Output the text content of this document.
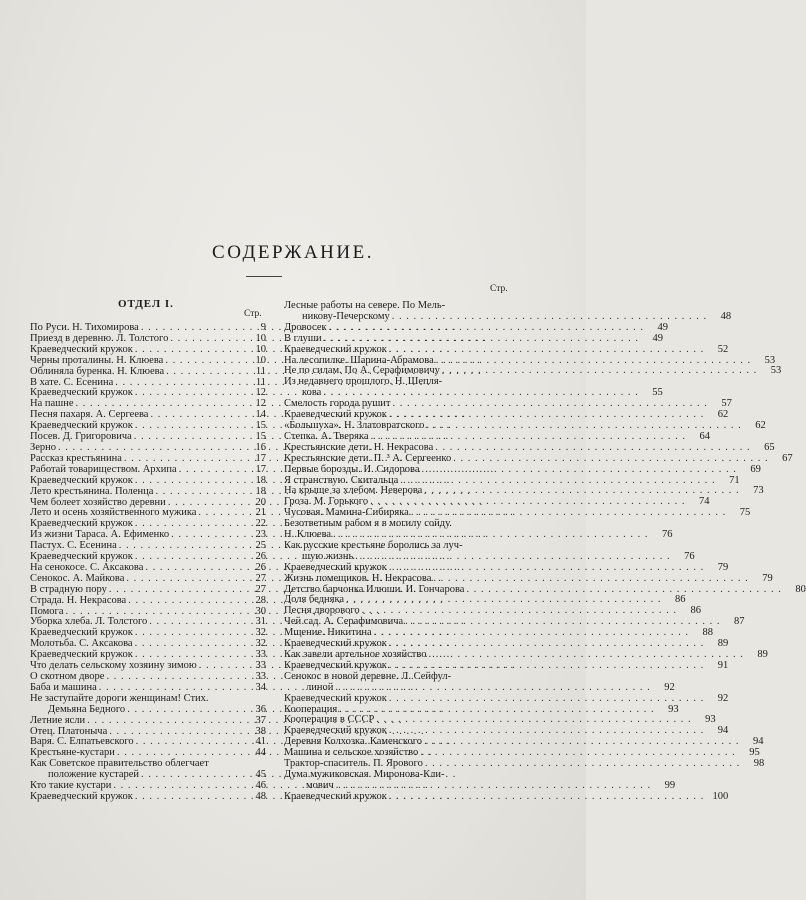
СОДЕРЖАНИЕ.
ОТДЕЛ I.
Стр.
Стр.
По Руси. Н. Тихомирова . . .	9
Приезд в деревню. Л. Толстого . . .	10
Краеведческий кружок . . .	10
Черны проталины. Н. Клюева . . .	10
Облиняла буренка. Н. Клюева . . .	11
В хате. С. Есенина . . .	11
Краеведческий кружок . . .	12
На пашне . . .	12
Песня пахаря. А. Сергеева . . .	14
Краеведческий кружок . . .	15
Посев. Д. Григоровича . . .	15
Зерно . . .	16
Рассказ крестьянина . . .	17
Работай товариществом. Архипа . . .	17
Краеведческий кружок . . .	18
Лето крестьянина. Поленца . . .	18
Чем болеет хозяйство деревни . . .	20
Лето и осень хозяйственного мужика . . .	21
Краеведческий кружок . . .	22
Из жизни Тараса. А. Ефименко . . .	23
Пастух. С. Есенина . . .	25
Краеведческий кружок . . .	26
На сенокосе. С. Аксакова . . .	26
Сенокос. А. Майкова . . .	27
В страдную пору . . .	27
Страда. Н. Некрасова . . .	28
Помога . . .	30
Уборка хлеба. Л. Толстого . . .	31
Краеведческий кружок . . .	32
Молотьба. С. Аксакова . . .	32
Краеведческий кружок . . .	33
Что делать сельскому хозяину зимою . . .	33
О скотном дворе . . .	33
Баба и машина . . .	34
Не заступайте дороги женщинам! Стих.
Демьяна Бедного . . .	36
Летние ясли . . .	37
Отец. Платоныча . . .	38
Варя. С. Елпатьевского . . .	41
Крестьяне-кустари . . .	44
Как Советское правительство облегчает
положение кустарей . . .	45
Кто такие кустари . . .	46
Краеведческий кружок . . .	48
Лесные работы на севере. По Мель-
никову-Печерскому . . .	48
Дровосек . . .	49
В глуши . . .	49
Краеведческий кружок . . .	52
На лесопилке. Шарина-Абрамова . . .	53
Не по силам. По А. Серафимовичу . . .	53
Из недавнего прошлого. Н. Шепля-
кова . . .	55
Смелость города рушит . . .	57
Краеведческий кружок . . .	62
«Большуха». Н. Златовратского . . .	62
Степка. А. Тверяка . . .	64
Крестьянские дети. Н. Некрасова . . .	65
Крестьянские дети. П. ³ А. Сергеенко . . .	67
Первые борозды. И. Сидорова . . .	69
Я странствую. Скитальца . . .	71
На крыше за хлебом. Неверова . . .	73
Гроза. М. Горького . . .	74
Чусовая. Мамина-Сибиряка . . .	75
Безответным рабом я в могилу сойду.
Н. Клюева . . .	76
Как русские крестьяне боролись за луч-
шую жизнь . . .	76
Краеведческий кружок . . .	79
Жизнь помещиков. Н. Некрасова . . .	79
Детство барчонка Илюши. И. Гончарова . . .	80
Доля бедняка . . .	86
Песня дворового . . .	86
Чей сад. А. Серафимовича . . .	87
Мщение. Никитина . . .	88
Краеведческий кружок . . .	89
Как завели артельное хозяйство . . .	89
Краеведческий кружок . . .	91
Сенокос в новой деревне. Л. Сейфул-
линой . . .	92
Краеведческий кружок . . .	92
Кооперация . . .	93
Кооперация в СССР . . .	93
Краеведческий кружок . . .	94
Деревня Колхозка. Каменского . . .	94
Машина и сельское хозяйство . . .	95
Трактор-спаситель. П. Ярового . . .	98
Дума мужиковская. Миронова-Кли-
мович . . .	99
Краеведческий кружок . . .	100
